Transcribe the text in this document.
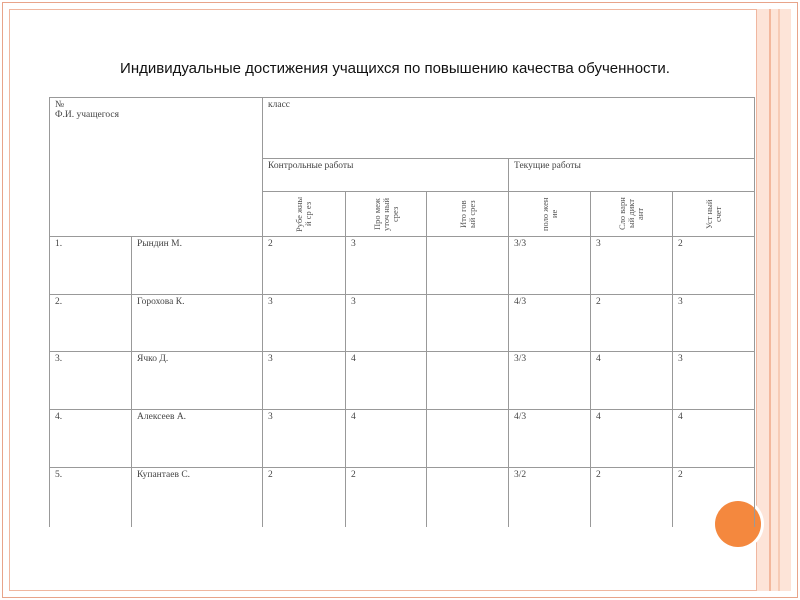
Индивидуальные достижения учащихся по повышению качества обученности.
№
Ф.И. учащегося		класс					
		Контрольные работы			Текущие работы		

		Рубе жны й ср ез	Про меж уточ ный срез	Ито гов ый срез	поло жен ие	Сло варн ый дикт ант	Уст ный счет

1.	Рындин М.	2	3		3/3	3	2
2.	Горохова К.	3	3		4/3	2	3
3.	Ячко Д.	3	4		3/3	4	3
4.	Алексеев А.	3	4		4/3	4	4
5.	Купантаев С.	2	2		3/2	2	2
